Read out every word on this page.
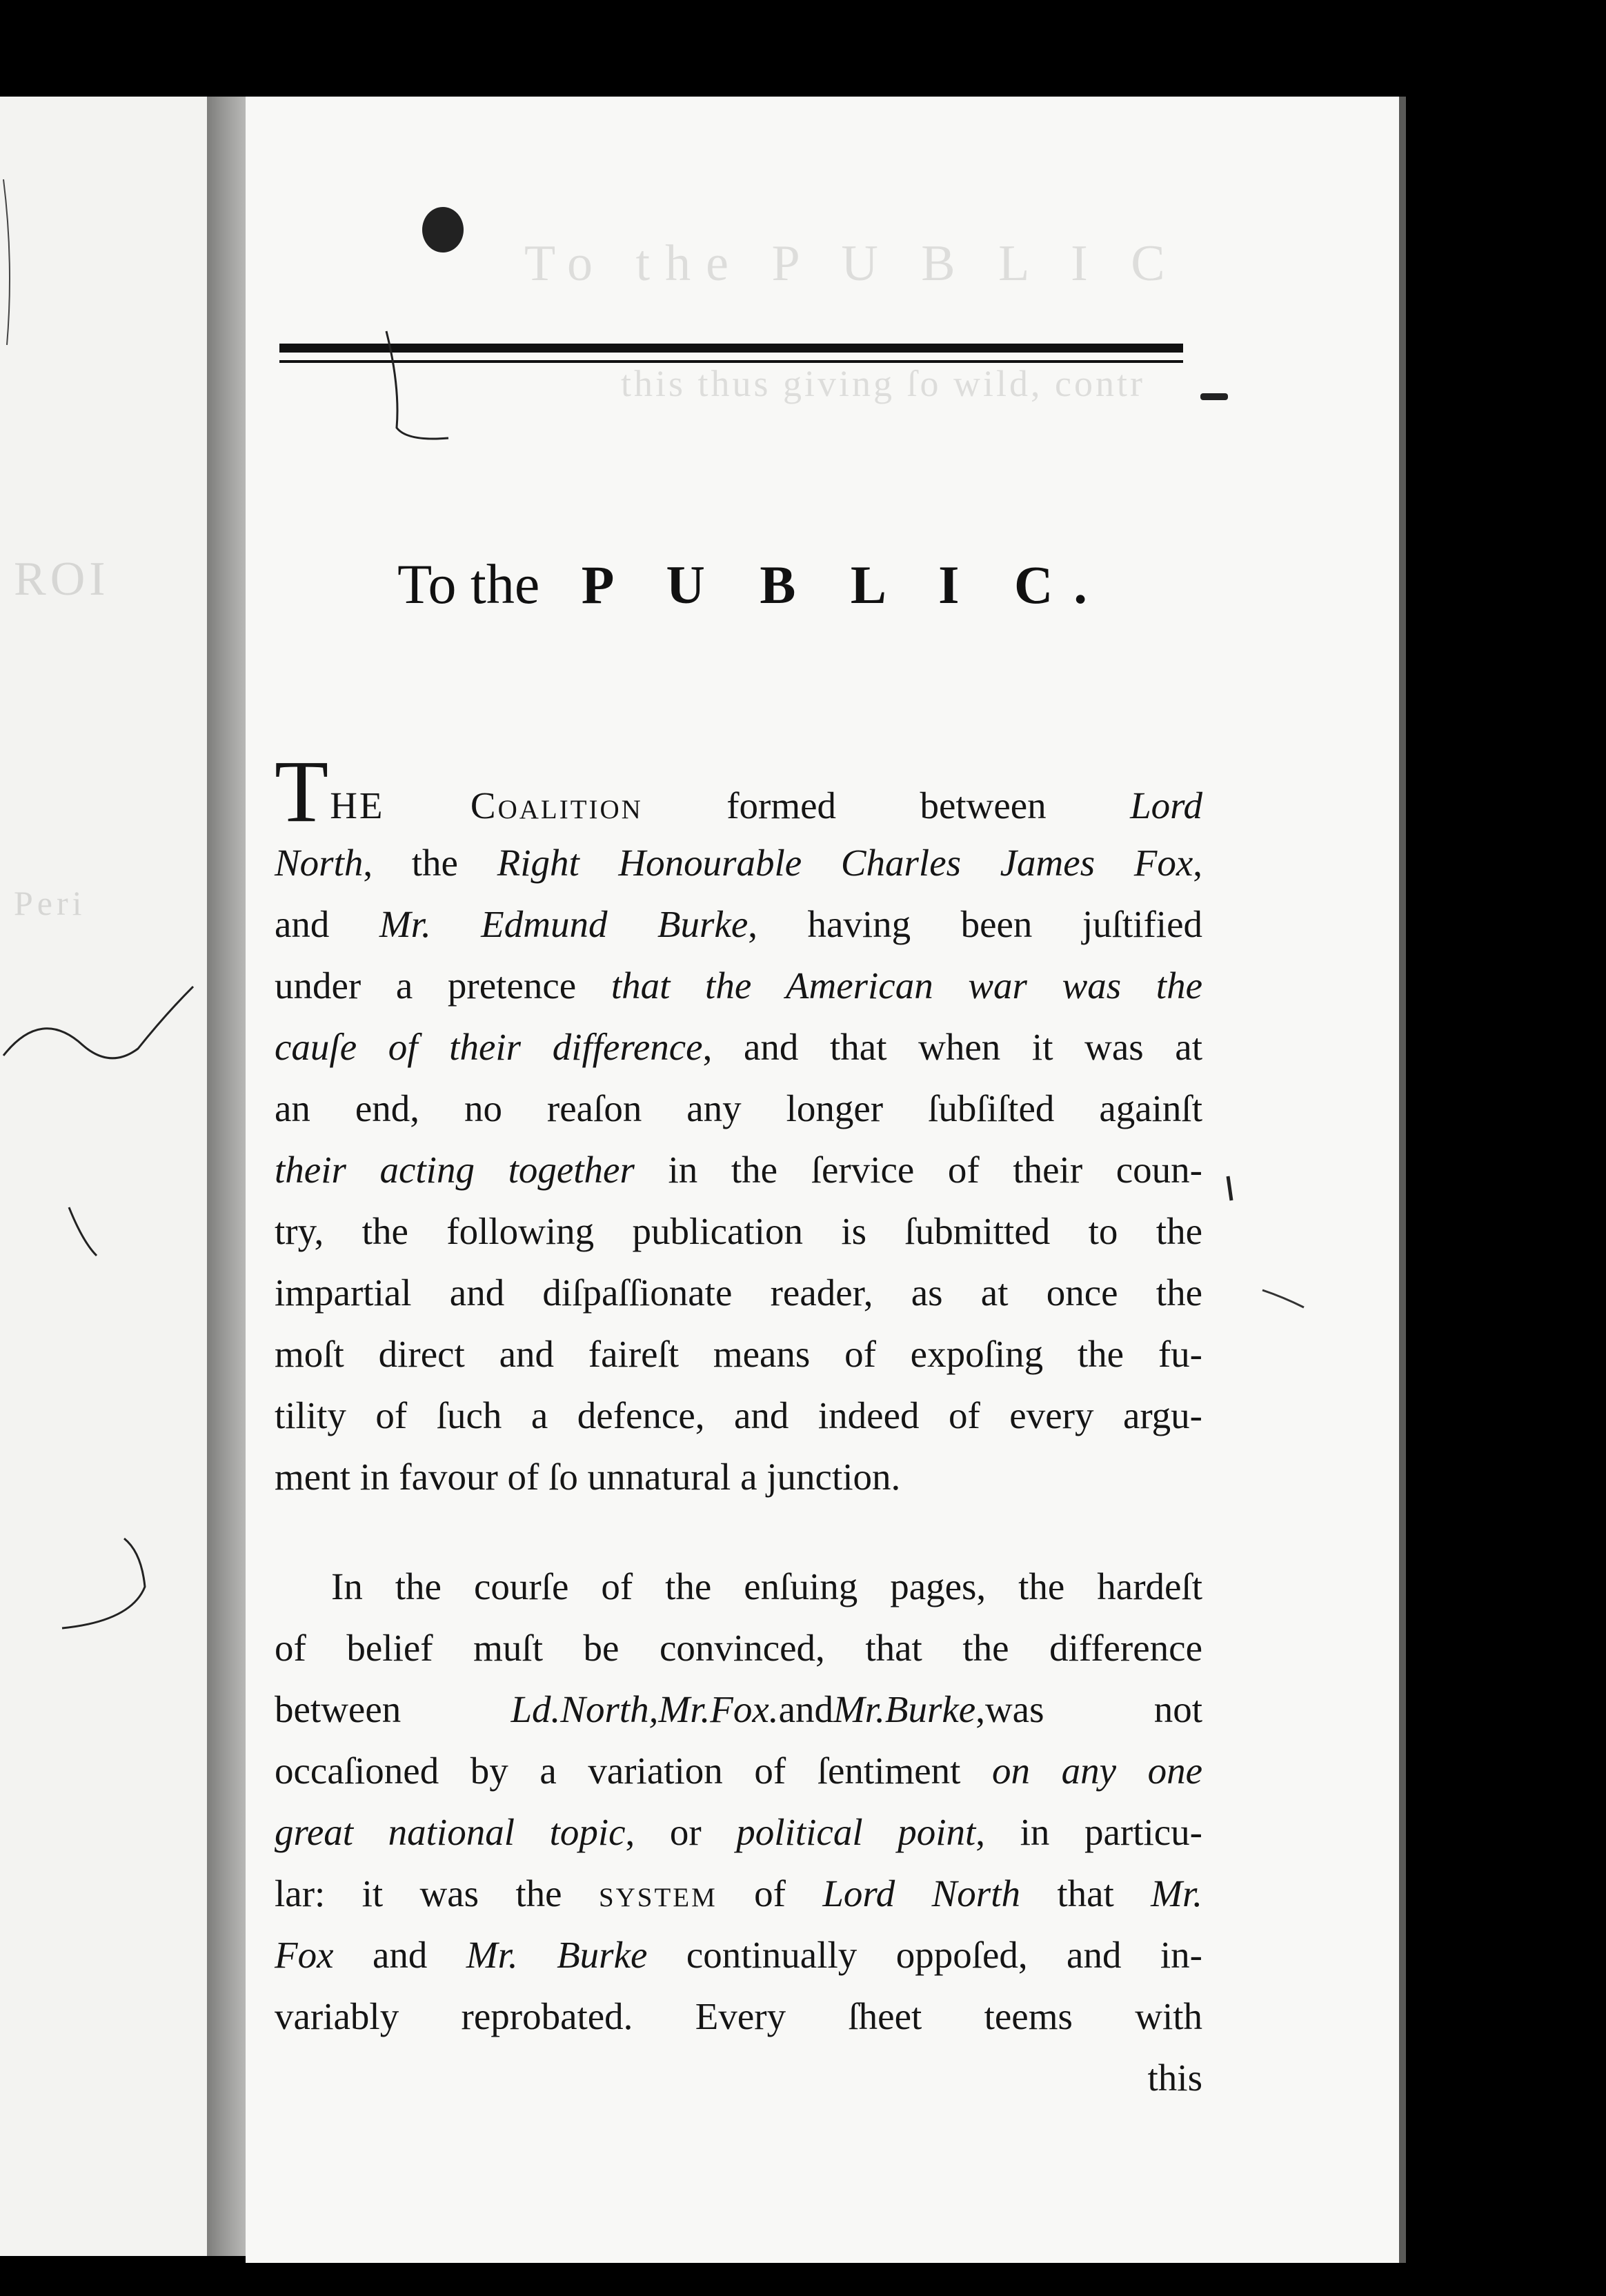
ROI
Peri
To the P U B L I C
this thus giving ſo wild, contr
To the P U B L I C.
THE Coalition formed between Lord
North, the Right Honourable Charles James Fox,
and Mr. Edmund Burke, having been juſtified
under a pretence that the American war was the
cauſe of their difference, and that when it was at
an end, no reaſon any longer ſubſiſted againſt
their acting together in the ſervice of their coun-
try, the following publication is ſubmitted to the
impartial and diſpaſſionate reader, as at once the
moſt direct and faireſt means of expoſing the fu-
tility of ſuch a defence, and indeed of every argu-
ment in favour of ſo unnatural a junction.
In the courſe of the enſuing pages, the hardeſt
of belief muſt be convinced, that the difference
between Ld.North,Mr.Fox.andMr.Burke,was not
occaſioned by a variation of ſentiment on any one
great national topic, or political point, in particu-
lar: it was the system of Lord North that Mr.
Fox and Mr. Burke continually oppoſed, and in-
variably reprobated. Every ſheet teems with
this
